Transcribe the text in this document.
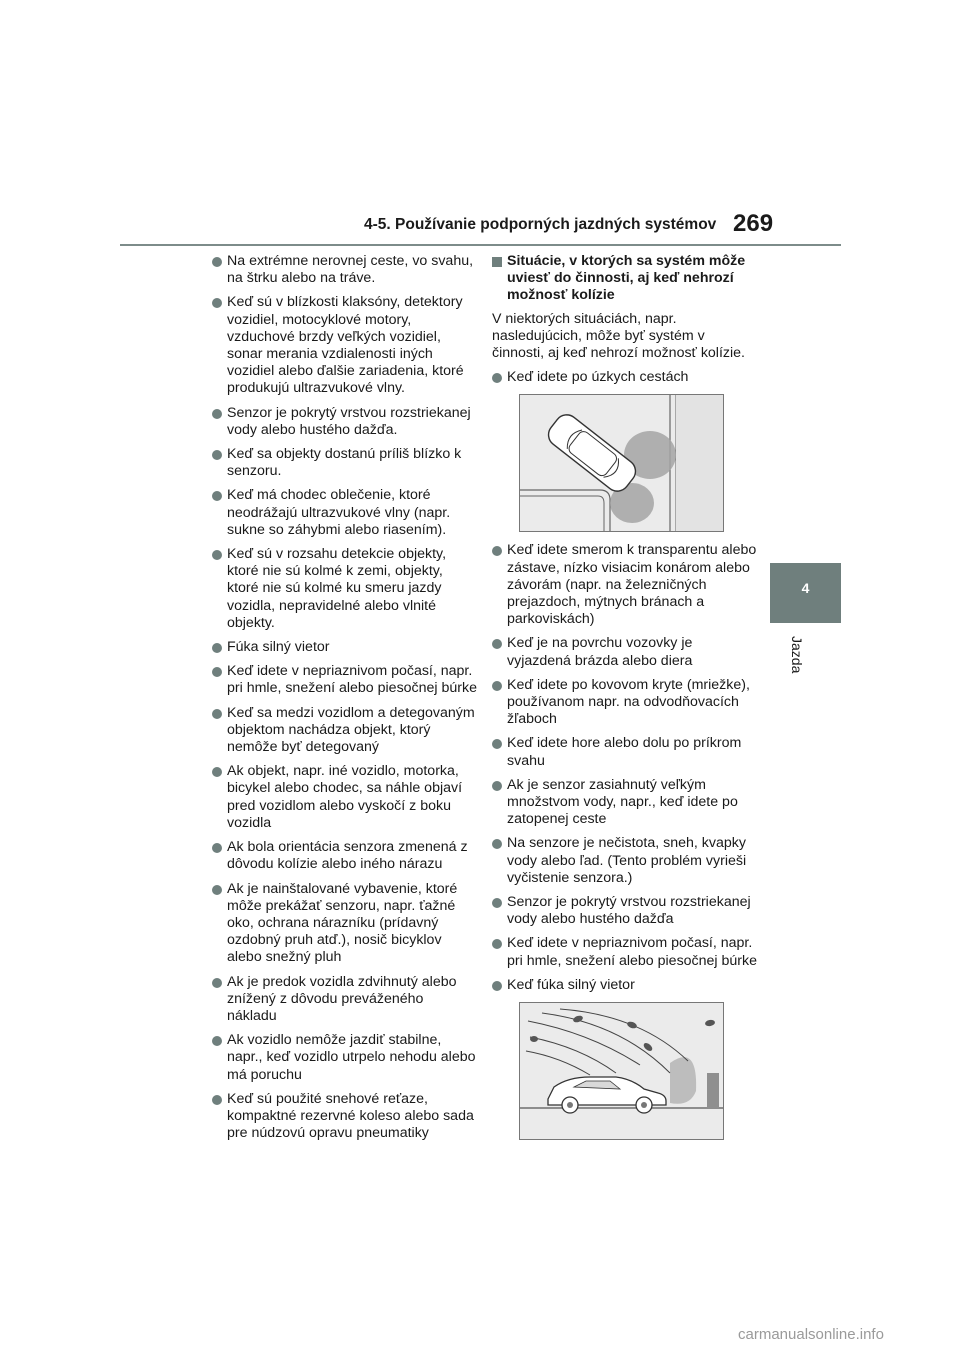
4-5. Používanie podporných jazdných systémov 269
4
Jazda
Na extrémne nerovnej ceste, vo svahu, na štrku alebo na tráve.
Keď sú v blízkosti klaksóny, detektory vozidiel, motocyklové motory, vzduchové brzdy veľkých vozidiel, sonar merania vzdialenosti iných vozidiel alebo ďalšie zariadenia, ktoré produkujú ultrazvukové vlny.
Senzor je pokrytý vrstvou rozstriekanej vody alebo hustého dažďa.
Keď sa objekty dostanú príliš blízko k senzoru.
Keď má chodec oblečenie, ktoré neodrážajú ultrazvukové vlny (napr. sukne so záhybmi alebo riasením).
Keď sú v rozsahu detekcie objekty, ktoré nie sú kolmé k zemi, objekty, ktoré nie sú kolmé ku smeru jazdy vozidla, nepravidelné alebo vlnité objekty.
Fúka silný vietor
Keď idete v nepriaznivom počasí, napr. pri hmle, snežení alebo piesočnej búrke
Keď sa medzi vozidlom a detegovaným objektom nachádza objekt, ktorý nemôže byť detegovaný
Ak objekt, napr. iné vozidlo, motorka, bicykel alebo chodec, sa náhle objaví pred vozidlom alebo vyskočí z boku vozidla
Ak bola orientácia senzora zmenená z dôvodu kolízie alebo iného nárazu
Ak je nainštalované vybavenie, ktoré môže prekážať senzoru, napr. ťažné oko, ochrana nárazníku (prídavný ozdobný pruh atď.), nosič bicyklov alebo snežný pluh
Ak je predok vozidla zdvihnutý alebo znížený z dôvodu preváženého nákladu
Ak vozidlo nemôže jazdiť stabilne, napr., keď vozidlo utrpelo nehodu alebo má poruchu
Keď sú použité snehové reťaze, kompaktné rezervné koleso alebo sada pre núdzovú opravu pneumatiky
Situácie, v ktorých sa systém môže uviesť do činnosti, aj keď nehrozí možnosť kolízie
V niektorých situáciách, napr. nasledujúcich, môže byť systém v činnosti, aj keď nehrozí možnosť kolízie.
Keď idete po úzkych cestách
Keď idete smerom k transparentu alebo zástave, nízko visiacim konárom alebo závorám (napr. na železničných prejazdoch, mýtnych bránach a parkoviskách)
Keď je na povrchu vozovky je vyjazdená brázda alebo diera
Keď idete po kovovom kryte (mriežke), používanom napr. na odvodňovacích žľaboch
Keď idete hore alebo dolu po príkrom svahu
Ak je senzor zasiahnutý veľkým množstvom vody, napr., keď idete po zatopenej ceste
Na senzore je nečistota, sneh, kvapky vody alebo ľad. (Tento problém vyrieši vyčistenie senzora.)
Senzor je pokrytý vrstvou rozstriekanej vody alebo hustého dažďa
Keď idete v nepriaznivom počasí, napr. pri hmle, snežení alebo piesočnej búrke
Keď fúka silný vietor
carmanualsonline.info
